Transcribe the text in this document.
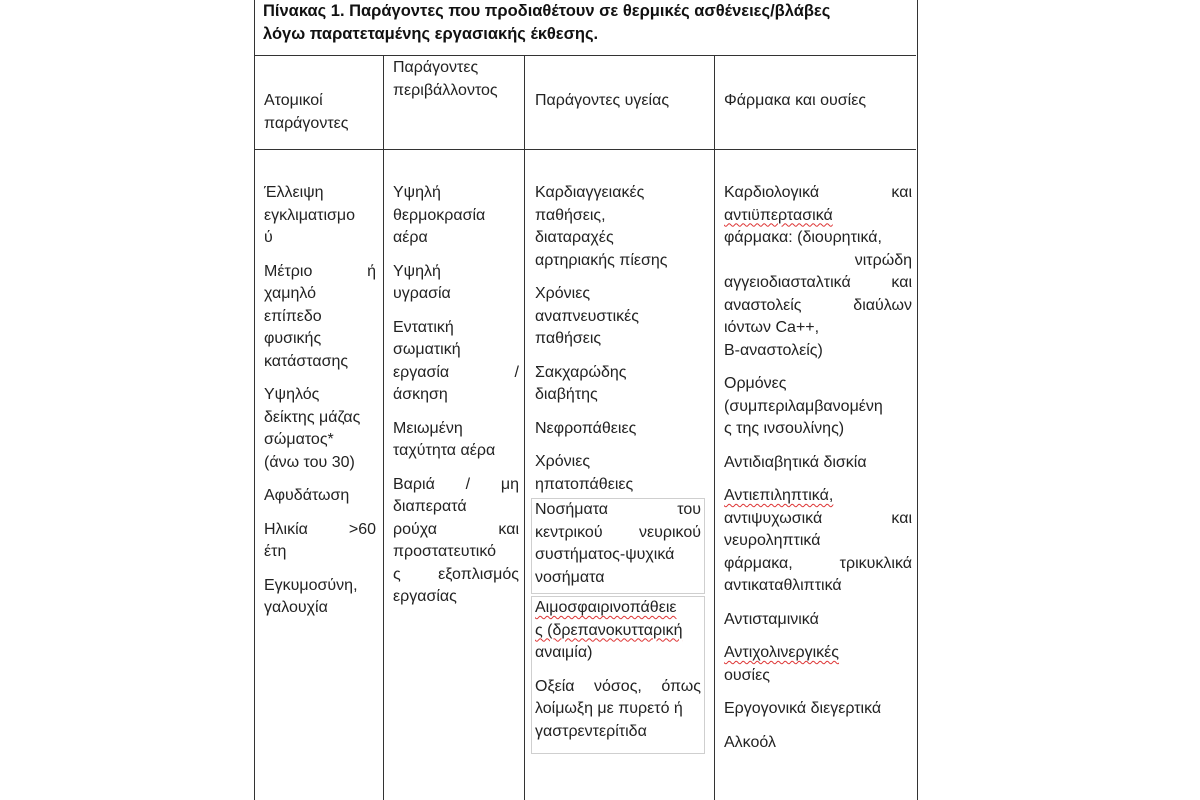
Πίνακας 1. Παράγοντες που προδιαθέτουν σε θερμικές ασθένειες/βλάβες
λόγω παρατεταμένης εργασιακής έκθεσης.
Ατομικοί
παράγοντες
Παράγοντες
περιβάλλοντος
Παράγοντες υγείας	Φάρμακα και ουσίες
Έλλειψη
εγκλιματισμο
ύ
Μέτριο ή
χαμηλό
επίπεδο
φυσικής
κατάστασης
Υψηλός
δείκτης μάζας
σώματος*
(άνω του 30)
Αφυδάτωση
Ηλικία >60
έτη
Εγκυμοσύνη,
γαλουχία
Υψηλή
θερμοκρασία
αέρα
Υψηλή
υγρασία
Εντατική
σωματική
εργασία /
άσκηση
Μειωμένη
ταχύτητα αέρα
Βαριά / μη
διαπερατά
ρούχα και
προστατευτικό
ς εξοπλισμός
εργασίας
Καρδιαγγειακές
παθήσεις,
διαταραχές
αρτηριακής πίεσης
Χρόνιες
αναπνευστικές
παθήσεις
Σακχαρώδης
διαβήτης
Νεφροπάθειες
Χρόνιες
ηπατοπάθειες
Νοσήματα του
κεντρικού νευρικού
συστήματος-ψυχικά
νοσήματα
Αιμοσφαιρινοπάθειε
ς (δρεπανοκυτταρική
αναιμία)
Οξεία νόσος, όπως
λοίμωξη με πυρετό ή
γαστρεντερίτιδα
Καρδιολογικά και
αντιϋπερτασικά
φάρμακα: (διουρητικά,
νιτρώδη
αγγειοδιασταλτικά και
αναστολείς διαύλων
ιόντων Ca++,
Β-αναστολείς)
Ορμόνες
(συμπεριλαμβανομένη
ς της ινσουλίνης)
Αντιδιαβητικά δισκία
Αντιεπιληπτικά,
αντιψυχωσικά και
νευροληπτικά
φάρμακα, τρικυκλικά
αντικαταθλιπτικά
Αντισταμινικά
Αντιχολινεργικές
ουσίες
Εργογονικά διεγερτικά
Αλκοόλ
